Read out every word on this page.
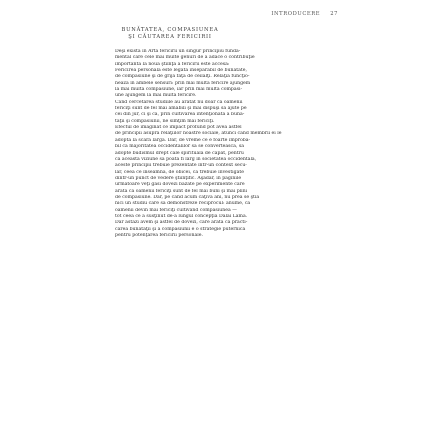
INTRODUCERE 27
BUNĂTATEA, COMPASIUNEA
ŞI CĂUTAREA FERICIRII

Deşi există în Arta fericirii un singur principiu funda-
mental care cele mai multe genuri de a adace o contribuţie
importantă la noua ştiinţă a fericirii este accesa:
Fericirea personală este legată inseparabil de bunătate,
de compasiune şi de grija faţă de ceilalţi. Relaţia funcţio-
nează în ambele sensuri: prin mai multă fericire ajungem
la mai multă compasiune, iar prin mai multă compasi-
une ajungem la mai multă fericire.

Când cercetarea studiile au arătat nu doar că oamenii
fericiţi sunt de fel mai amabili şi mai dispuşi să ajute pe
cei din jur, ci şi că, prin cultivarea intenţionată a bună-
tăţii şi compasiunii, ne simţim mai fericiţi.

Efectul de imaginat ce impact profund pot avea astfel
de principii asupra relaţiilor noastre sociale, atunci când membrii ei le
adoptă la scară largă. Dar, de vreme ce e foarte improba-
bil ca majoritatea occidentalilor să se convertească, să
adopte budismul drept cale spirituală de căpăt, pentru
ca această viziune să poată fi larg în societatea occidentală,
aceste principii trebuie prezentate într-un context secu-
lar, ceea ce înseamnă, de obicei, că trebuie investigate
dintr-un punct de vedere ştiinţific. Aşadar, în paginile
următoare veţi găsi dovezi bazate pe experimente care
arată că oamenii fericiţi sunt de fel mai buni şi mai plini
de compasiune. Dar, pe când acum câţiva ani, nu prea se ştia
nici un studiu care să demonstreze reciprocul: anume, că
oamenii devin mai fericiţi cultivând compasiunea —
tot ceea ce a susţinut de-a lungul concepţia Dalai Lama.
Dar astăzi avem şi astfel de dovezi, care arată că practi-
carea bunătăţii şi a compasiunii e o strategie puternică
pentru potenţarea fericirii personale.
